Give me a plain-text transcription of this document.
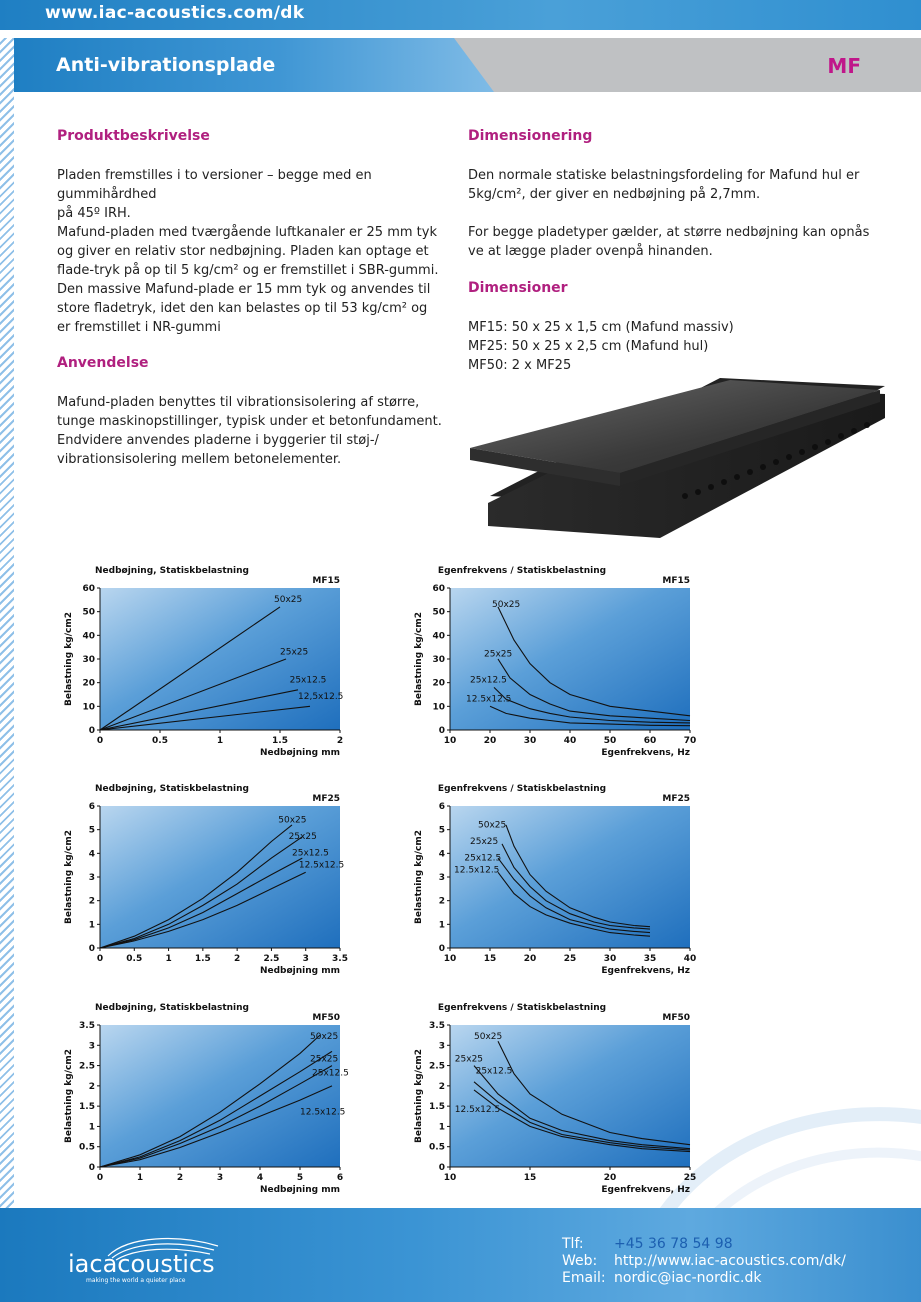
www.iac-acoustics.com/dk
Anti-vibrationsplade	MF
Produktbeskrivelse
Pladen fremstilles i to versioner – begge med en
gummihårdhed
på 45º IRH.
Mafund-pladen med tværgående luftkanaler er 25 mm tyk
og giver en relativ stor nedbøjning. Pladen kan optage et
flade-tryk på op til 5 kg/cm² og er fremstillet i SBR-gummi.
Den massive Mafund-plade er 15 mm tyk og anvendes til
store fladetryk, idet den kan belastes op til 53 kg/cm² og
er fremstillet i NR-gummi
Anvendelse
Mafund-pladen benyttes til vibrationsisolering af større,
tunge maskinopstillinger, typisk under et betonfundament.
Endvidere anvendes pladerne i byggerier til støj-/
vibrationsisolering mellem betonelementer.
Dimensionering
Den normale statiske belastningsfordeling for Mafund hul er
5kg/cm², der giver en nedbøjning på 2,7mm.
For begge pladetyper gælder, at større nedbøjning kan opnås
ve at lægge plader ovenpå hinanden.
Dimensioner
MF15: 50 x 25 x 1,5 cm (Mafund massiv)
MF25: 50 x 25 x 2,5 cm (Mafund hul)
MF50: 2 x MF25
Nedbøjning, Statiskbelastning
MF15
0	0.5	1	1.5	2
0
10
20
30
40
50
60
Nedbøjning mm
Belastning kg/cm2
50x25
25x25
25x12.5
12,5x12.5
Egenfrekvens / Statiskbelastning
MF15
10	20	30	40	50	60	70
0
10
20
30
40
50
60
Egenfrekvens, Hz
Belastning kg/cm2
50x25
25x25
25x12.5
12.5x12.5
Nedbøjning, Statiskbelastning
MF25
0	0.5	1	1.5	2	2.5	3	3.5
0
1
2
3
4
5
6
Nedbøjning mm
Belastning kg/cm2
50x25
25x25
25x12.5
12.5x12.5
Egenfrekvens / Statiskbelastning
MF25
10	15	20	25	30	35	40
0
1
2
3
4
5
6
Egenfrekvens, Hz
Belastning kg/cm2
50x25
25x25
25x12.5
12.5x12.5
Nedbøjning, Statiskbelastning
MF50
0	1	2	3	4	5	6
0
0.5
1
1.5
2
2.5
3
3.5
Nedbøjning mm
Belastning kg/cm2
50x25
25x25
25x12.5
12.5x12.5
Egenfrekvens / Statiskbelastning
MF50
10	15	20	25
0
0.5
1
1.5
2
2.5
3
3.5
Egenfrekvens, Hz
Belastning kg/cm2
50x25
25x25
25x12.5
12.5x12.5
iacacoustics
making the world a quieter place
Tlf:	+45 36 78 54 98
Web:	http://www.iac-acoustics.com/dk/
Email: nordic@iac-nordic.dk
